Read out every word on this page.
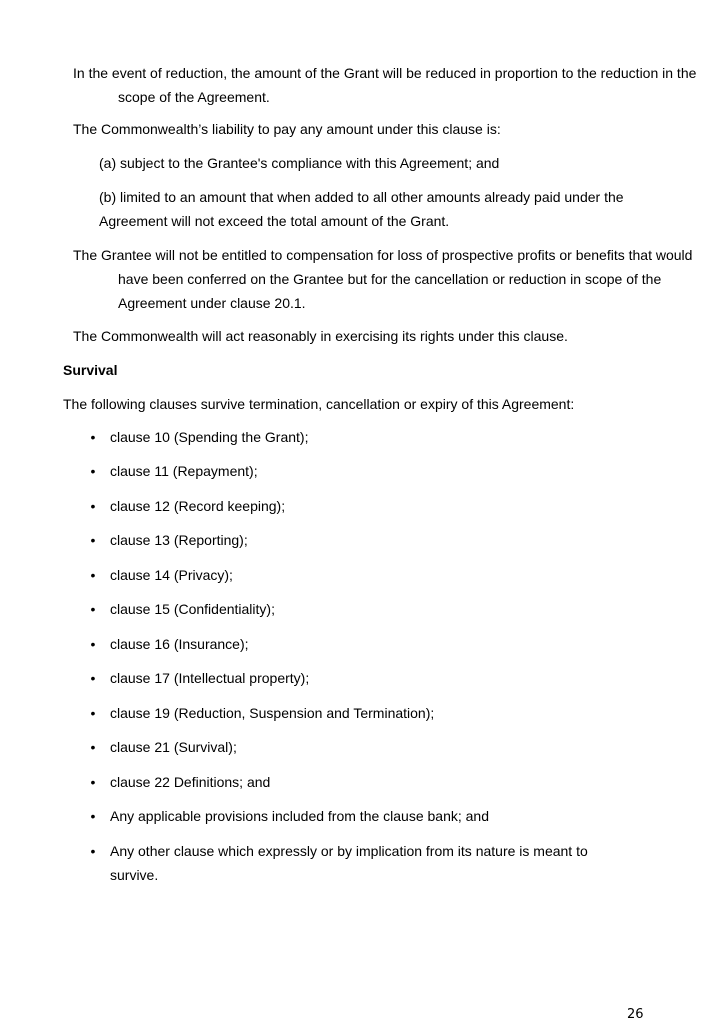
In the event of reduction, the amount of the Grant will be reduced in proportion to the reduction in the scope of the Agreement.

The Commonwealth’s liability to pay any amount under this clause is:

(a) subject to the Grantee's compliance with this Agreement; and

(b) limited to an amount that when added to all other amounts already paid under the Agreement will not exceed the total amount of the Grant.

The Grantee will not be entitled to compensation for loss of prospective profits or benefits that would have been conferred on the Grantee but for the cancellation or reduction in scope of the Agreement under clause 20.1.

The Commonwealth will act reasonably in exercising its rights under this clause.

Survival

The following clauses survive termination, cancellation or expiry of this Agreement:

• clause 10 (Spending the Grant);
• clause 11 (Repayment);
• clause 12 (Record keeping);
• clause 13 (Reporting);
• clause 14 (Privacy);
• clause 15 (Confidentiality);
• clause 16 (Insurance);
• clause 17 (Intellectual property);
• clause 19 (Reduction, Suspension and Termination);
• clause 21 (Survival);
• clause 22 Definitions; and
• Any applicable provisions included from the clause bank; and
• Any other clause which expressly or by implication from its nature is meant to survive.
26
